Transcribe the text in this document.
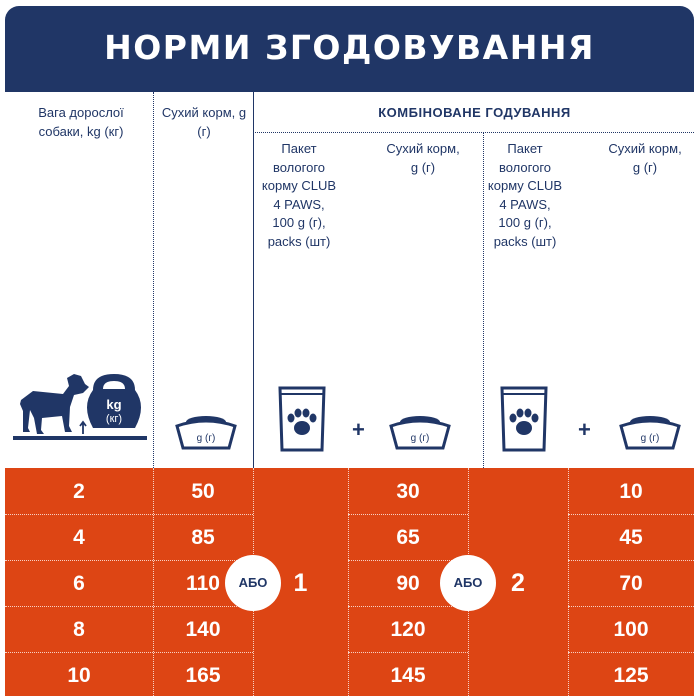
НОРМИ ЗГОДОВУВАННЯ
Вага дорослої собаки, kg (кг)
Сухий корм, g (г)
КОМБІНОВАНЕ ГОДУВАННЯ
Пакет вологого корму CLUB 4 PAWS, 100 g (г), packs (шт)
Сухий корм, g (г)
Пакет вологого корму CLUB 4 PAWS, 100 g (г), packs (шт)
Сухий корм, g (г)
kg
(кг)
g (г)	+	g (г)	+	g (г)
2	50	30	10
4	85	65	45
6	110	90	70
8	140	120	100
10	165	145	125
1	2
АБО	АБО
